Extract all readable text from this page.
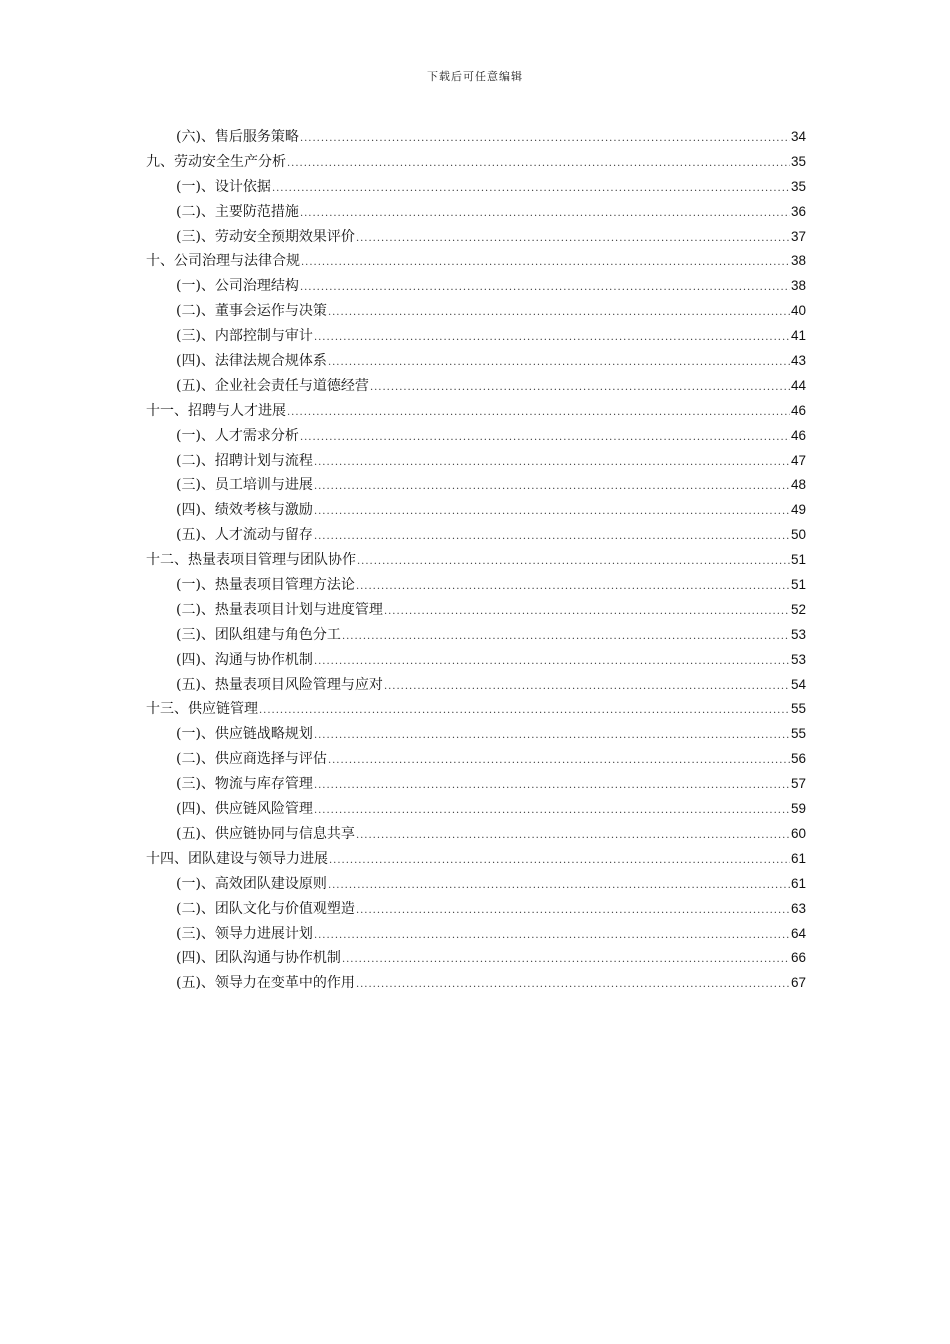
下载后可任意编辑
(六)、售后服务策略 .....	34
九、劳动安全生产分析 .....	35
(一)、设计依据 .....	35
(二)、主要防范措施 .....	36
(三)、劳动安全预期效果评价 .....	37
十、公司治理与法律合规 .....	38
(一)、公司治理结构 .....	38
(二)、董事会运作与决策 .....	40
(三)、内部控制与审计 .....	41
(四)、法律法规合规体系 .....	43
(五)、企业社会责任与道德经营 .....	44
十一、招聘与人才进展 .....	46
(一)、人才需求分析 .....	46
(二)、招聘计划与流程 .....	47
(三)、员工培训与进展 .....	48
(四)、绩效考核与激励 .....	49
(五)、人才流动与留存 .....	50
十二、热量表项目管理与团队协作 .....	51
(一)、热量表项目管理方法论 .....	51
(二)、热量表项目计划与进度管理 .....	52
(三)、团队组建与角色分工 .....	53
(四)、沟通与协作机制 .....	53
(五)、热量表项目风险管理与应对 .....	54
十三、供应链管理 .....	55
(一)、供应链战略规划 .....	55
(二)、供应商选择与评估 .....	56
(三)、物流与库存管理 .....	57
(四)、供应链风险管理 .....	59
(五)、供应链协同与信息共享 .....	60
十四、团队建设与领导力进展 .....	61
(一)、高效团队建设原则 .....	61
(二)、团队文化与价值观塑造 .....	63
(三)、领导力进展计划 .....	64
(四)、团队沟通与协作机制 .....	66
(五)、领导力在变革中的作用 .....	67
